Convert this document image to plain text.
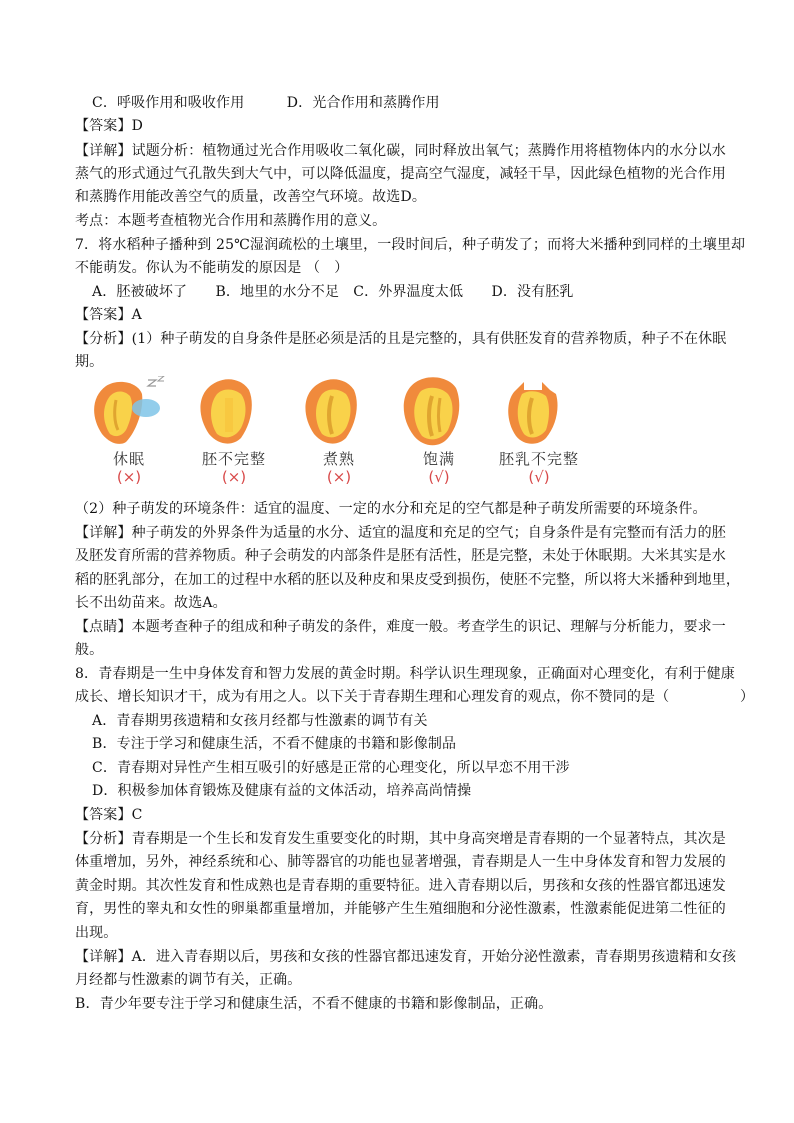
C．呼吸作用和吸收作用　　　D．光合作用和蒸腾作用
【答案】D
【详解】试题分析：植物通过光合作用吸收二氧化碳，同时释放出氧气；蒸腾作用将植物体内的水分以水
蒸气的形式通过气孔散失到大气中，可以降低温度，提高空气湿度，减轻干旱，因此绿色植物的光合作用
和蒸腾作用能改善空气的质量，改善空气环境。故选D。
考点：本题考查植物光合作用和蒸腾作用的意义。
7．将水稻种子播种到 25℃湿润疏松的土壤里，一段时间后，种子萌发了；而将大米播种到同样的土壤里却
不能萌发。你认为不能萌发的原因是 （　）
A．胚被破坏了　　B．地里的水分不足　C．外界温度太低　　D．没有胚乳
【答案】A
【分析】(1）种子萌发的自身条件是胚必须是活的且是完整的，具有供胚发育的营养物质，种子不在休眠
期。
休眠
(×)
胚不完整
(×)
煮熟
(×)
饱满
(√)
胚乳不完整
(√)
（2）种子萌发的环境条件：适宜的温度、一定的水分和充足的空气都是种子萌发所需要的环境条件。
【详解】种子萌发的外界条件为适量的水分、适宜的温度和充足的空气；自身条件是有完整而有活力的胚
及胚发育所需的营养物质。种子会萌发的内部条件是胚有活性，胚是完整，未处于休眠期。大米其实是水
稻的胚乳部分，在加工的过程中水稻的胚以及种皮和果皮受到损伤，使胚不完整，所以将大米播种到地里，
长不出幼苗来。故选A。
【点睛】本题考查种子的组成和种子萌发的条件，难度一般。考查学生的识记、理解与分析能力，要求一
般。
8．青春期是一生中身体发育和智力发展的黄金时期。科学认识生理现象，正确面对心理变化，有利于健康
成长、增长知识才干，成为有用之人。以下关于青春期生理和心理发育的观点，你不赞同的是（　　　　　）
A．青春期男孩遗精和女孩月经都与性激素的调节有关
B．专注于学习和健康生活，不看不健康的书籍和影像制品
C．青春期对异性产生相互吸引的好感是正常的心理变化，所以早恋不用干涉
D．积极参加体育锻炼及健康有益的文体活动，培养高尚情操
【答案】C
【分析】青春期是一个生长和发育发生重要变化的时期，其中身高突增是青春期的一个显著特点，其次是
体重增加，另外，神经系统和心、肺等器官的功能也显著增强，青春期是人一生中身体发育和智力发展的
黄金时期。其次性发育和性成熟也是青春期的重要特征。进入青春期以后，男孩和女孩的性器官都迅速发
育，男性的睾丸和女性的卵巢都重量增加，并能够产生生殖细胞和分泌性激素，性激素能促进第二性征的
出现。
【详解】A．进入青春期以后，男孩和女孩的性器官都迅速发育，开始分泌性激素，青春期男孩遗精和女孩
月经都与性激素的调节有关，正确。
B．青少年要专注于学习和健康生活，不看不健康的书籍和影像制品，正确。
